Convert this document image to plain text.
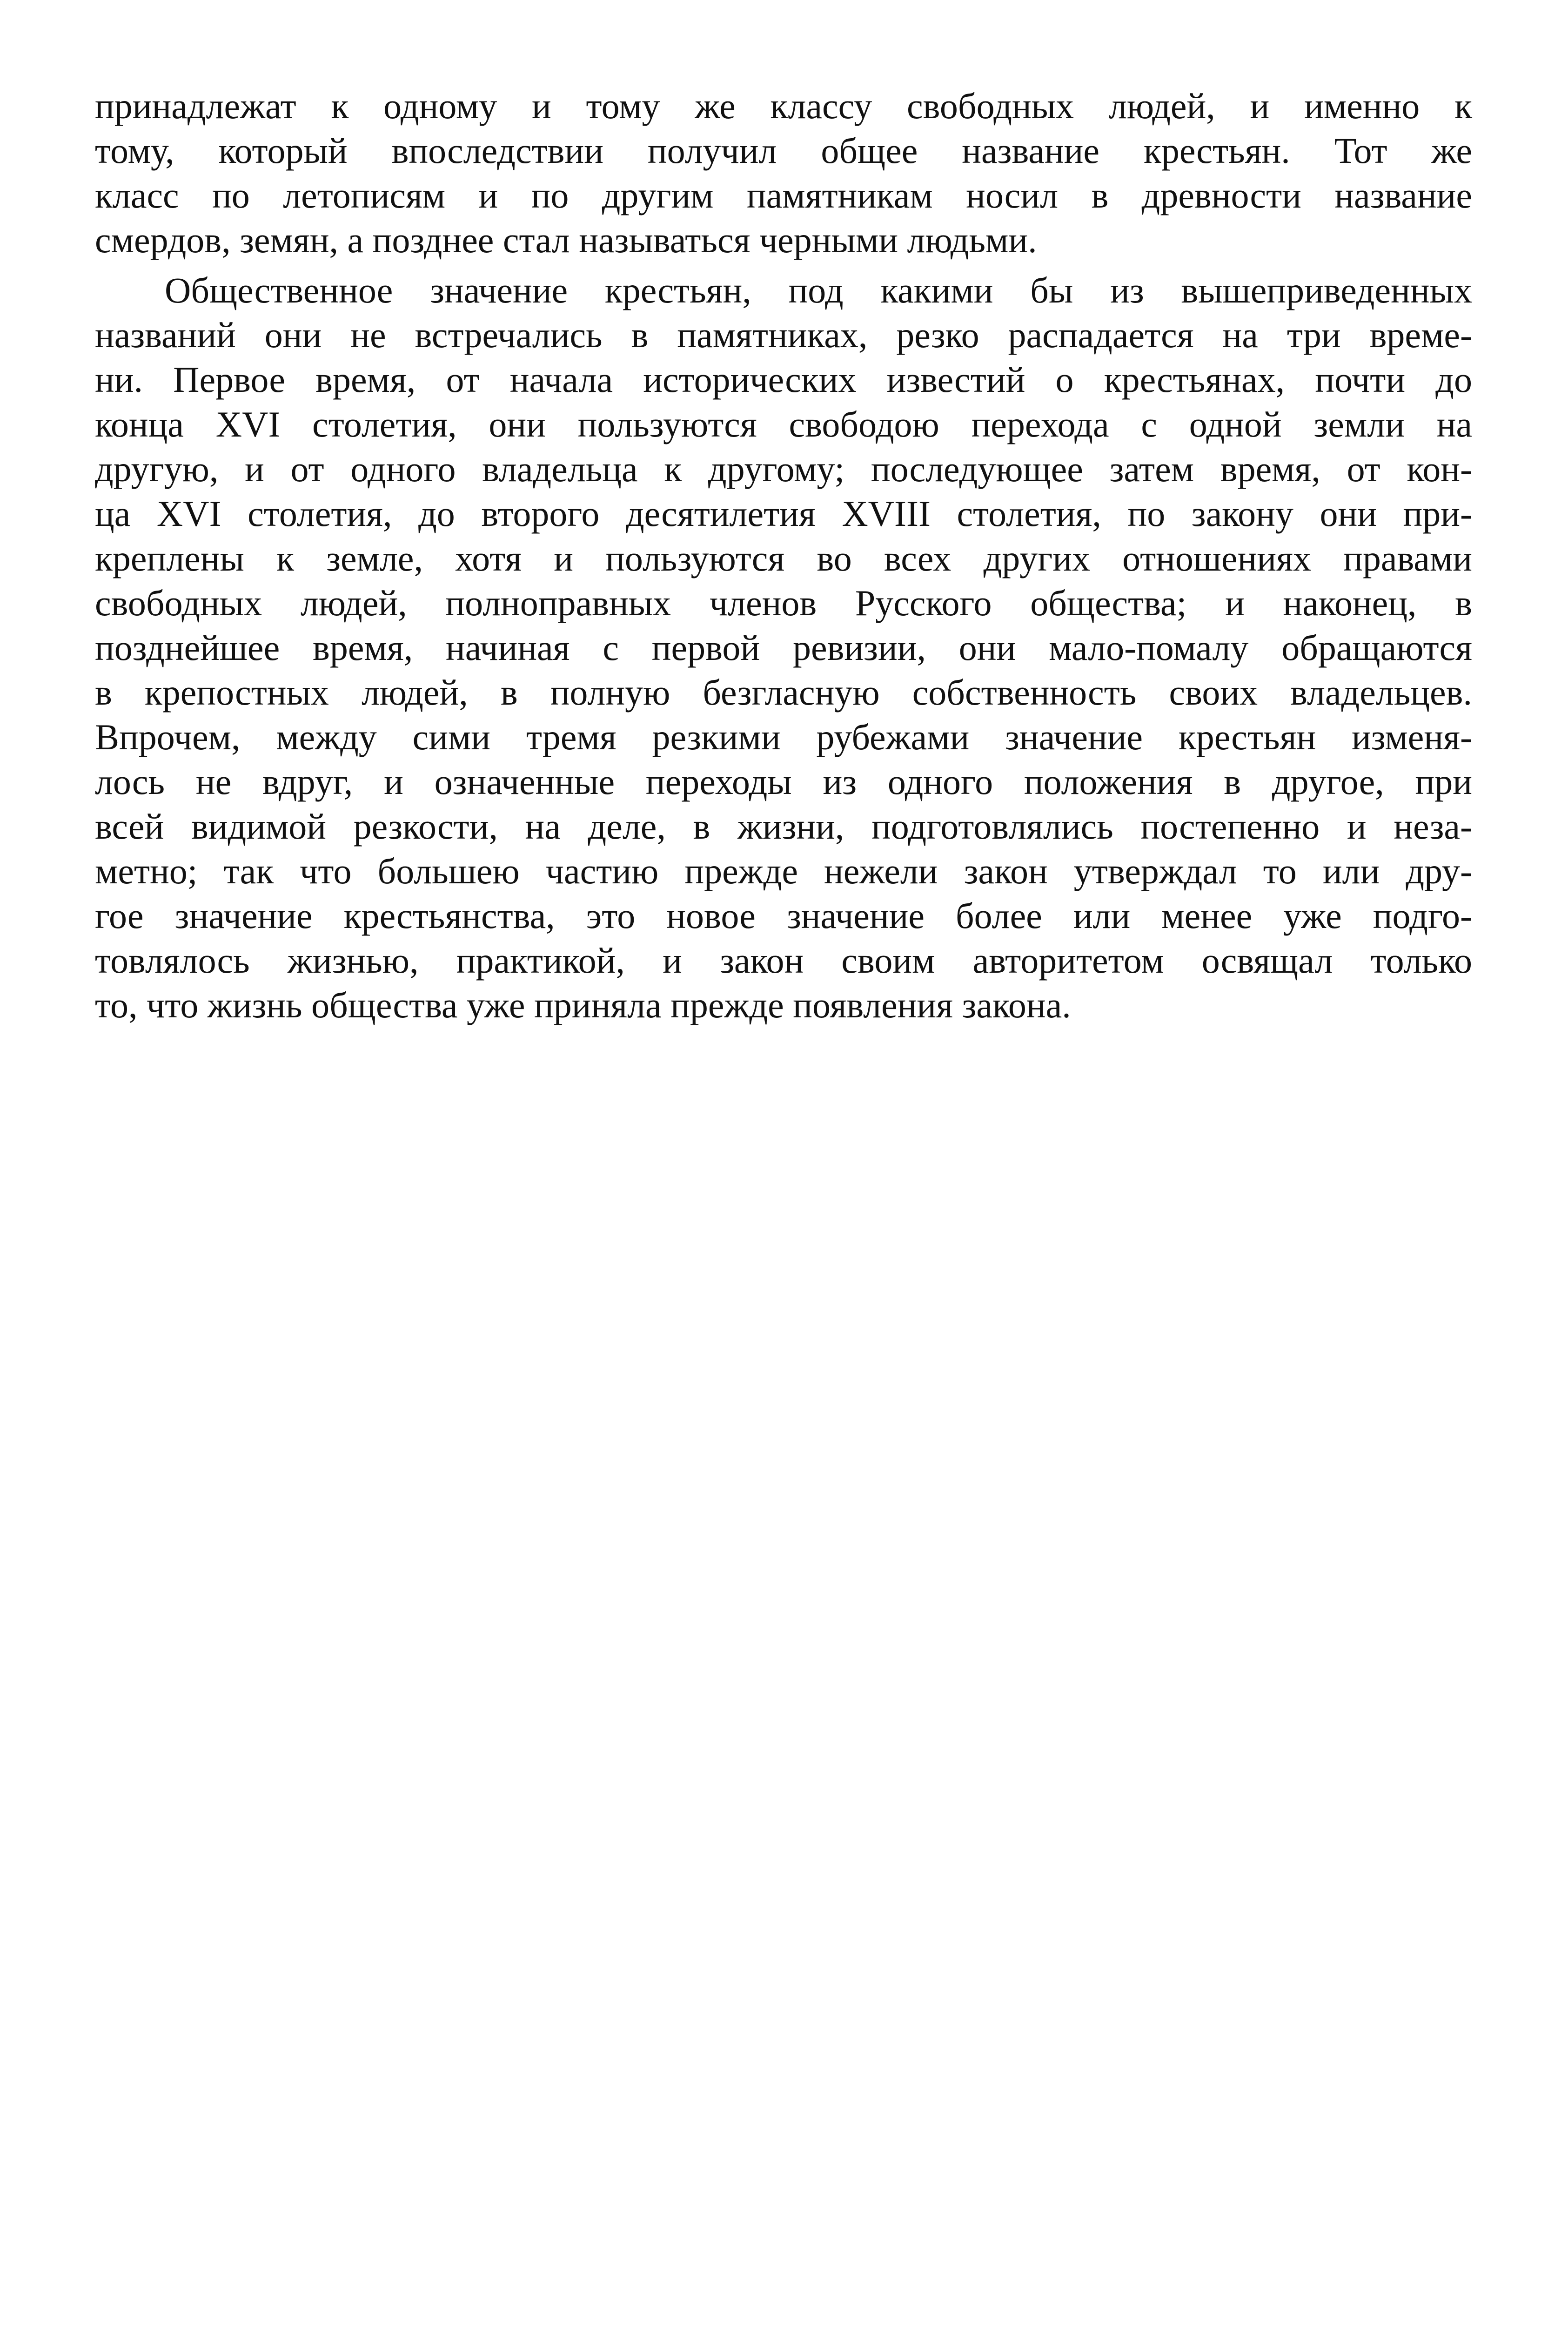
принадлежат к одному и тому же классу свободных людей, и именно к
тому, который впоследствии получил общее название крестьян. Тот же
класс по летописям и по другим памятникам носил в древности название
смердов, земян, а позднее стал называться черными людьми.
Общественное значение крестьян, под какими бы из вышеприведенных
названий они не встречались в памятниках, резко распадается на три време-
ни. Первое время, от начала исторических известий о крестьянах, почти до
конца XVI столетия, они пользуются свободою перехода с одной земли на
другую, и от одного владельца к другому; последующее затем время, от кон-
ца XVI столетия, до второго десятилетия XVIII столетия, по закону они при-
креплены к земле, хотя и пользуются во всех других отношениях правами
свободных людей, полноправных членов Русского общества; и наконец, в
позднейшее время, начиная с первой ревизии, они мало-помалу обращаются
в крепостных людей, в полную безгласную собственность своих владельцев.
Впрочем, между сими тремя резкими рубежами значение крестьян изменя-
лось не вдруг, и означенные переходы из одного положения в другое, при
всей видимой резкости, на деле, в жизни, подготовлялись постепенно и неза-
метно; так что большею частию прежде нежели закон утверждал то или дру-
гое значение крестьянства, это новое значение более или менее уже подго-
товлялось жизнью, практикой, и закон своим авторитетом освящал только
то, что жизнь общества уже приняла прежде появления закона.
